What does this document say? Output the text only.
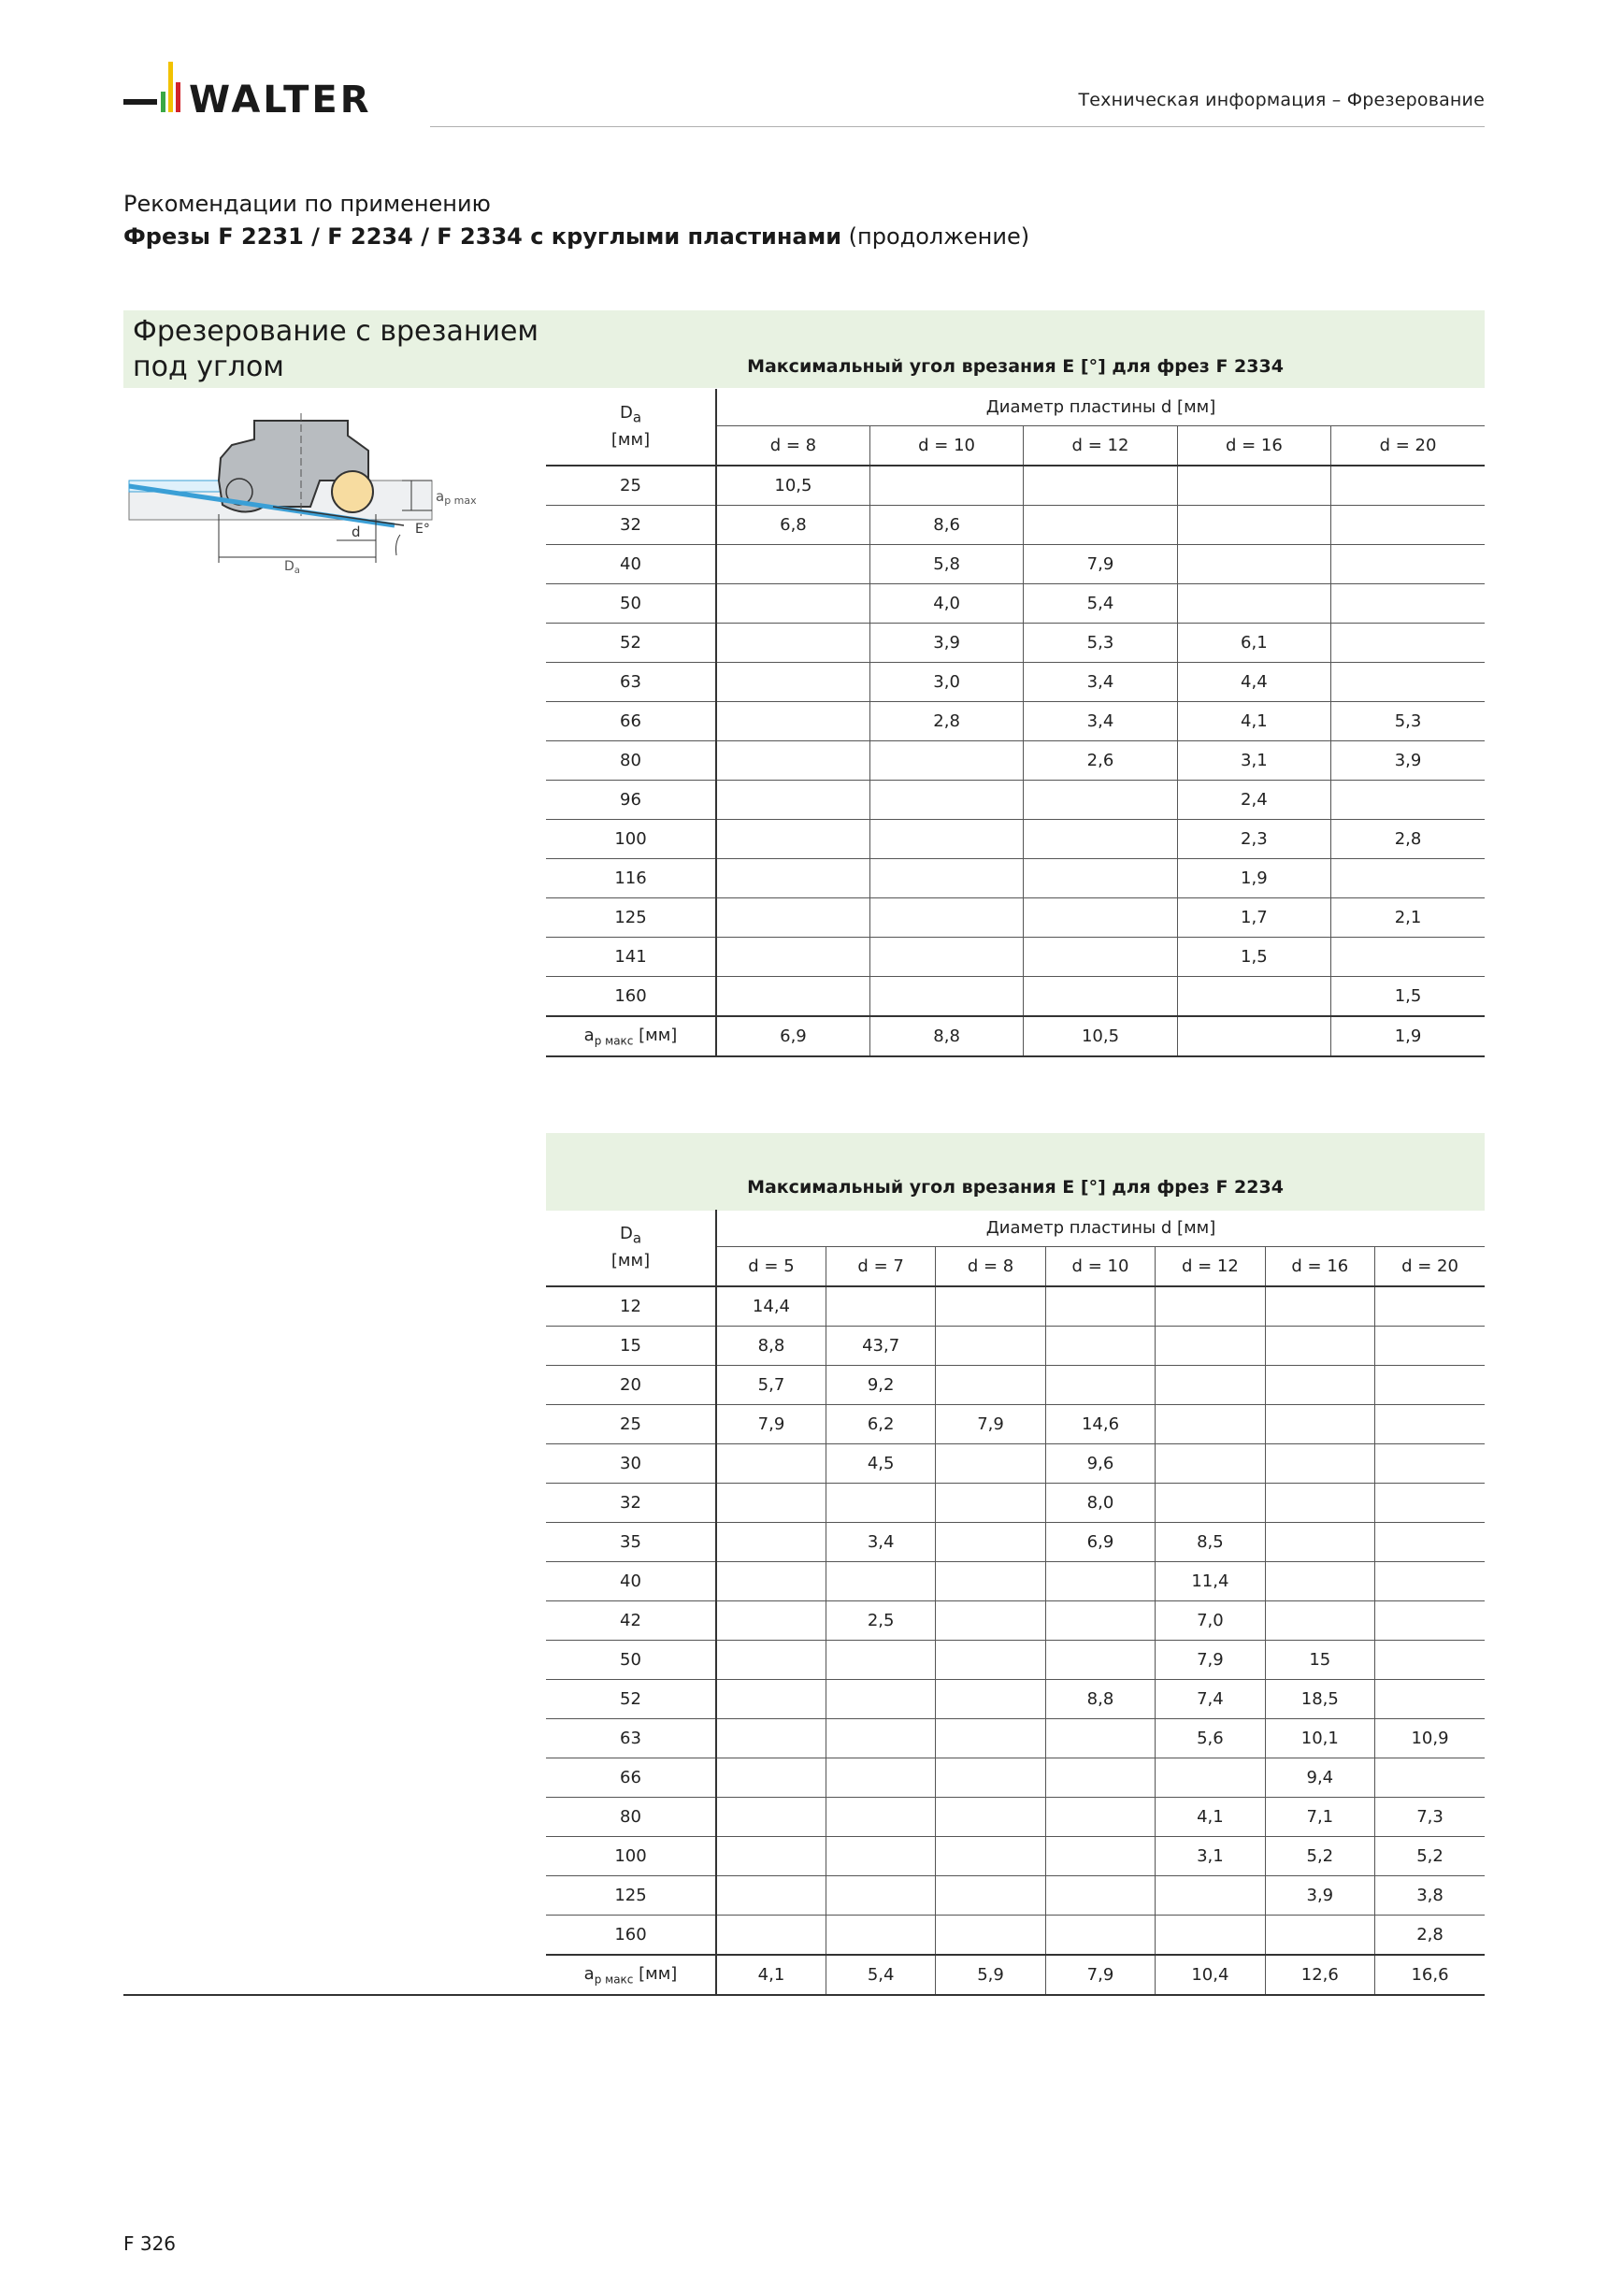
WALTER	Техническая информация – Фрезерование
Рекомендации по применению
Фрезы F 2231 / F 2234 / F 2334 с круглыми пластинами (продолжение)
Фрезерование с врезанием
под углом	Максимальный угол врезания E [°] для фрез F 2334
$a_{p max}$
E°
d
$D_a$
$D_a$
[мм]	Диаметр пластины d [мм]				
	d = 8	d = 10	d = 12	d = 16	d = 20
25	10,5				
32	6,8	8,6			
40		5,8	7,9		
50		4,0	5,4		
52		3,9	5,3	6,1	
63		3,0	3,4	4,4	
66		2,8	3,4	4,1	5,3
80			2,6	3,1	3,9
96				2,4	
100				2,3	2,8
116				1,9	
125				1,7	2,1
141				1,5	
160					1,5
$a_{p макс}$ [мм]	6,9	8,8	10,5		1,9
Максимальный угол врезания E [°] для фрез F 2234
$D_a$
[мм]	Диаметр пластины d [мм]						
	d = 5	d = 7	d = 8	d = 10	d = 12	d = 16	d = 20
12	14,4						
15	8,8	43,7					
20	5,7	9,2					
25	7,9	6,2	7,9	14,6			
30		4,5		9,6			
32				8,0			
35		3,4		6,9	8,5		
40					11,4		
42		2,5			7,0		
50					7,9	15	
52				8,8	7,4	18,5	
63					5,6	10,1	10,9
66						9,4	
80					4,1	7,1	7,3
100					3,1	5,2	5,2
125						3,9	3,8
160							2,8
$a_{p макс}$ [мм]	4,1	5,4	5,9	7,9	10,4	12,6	16,6
F 326
